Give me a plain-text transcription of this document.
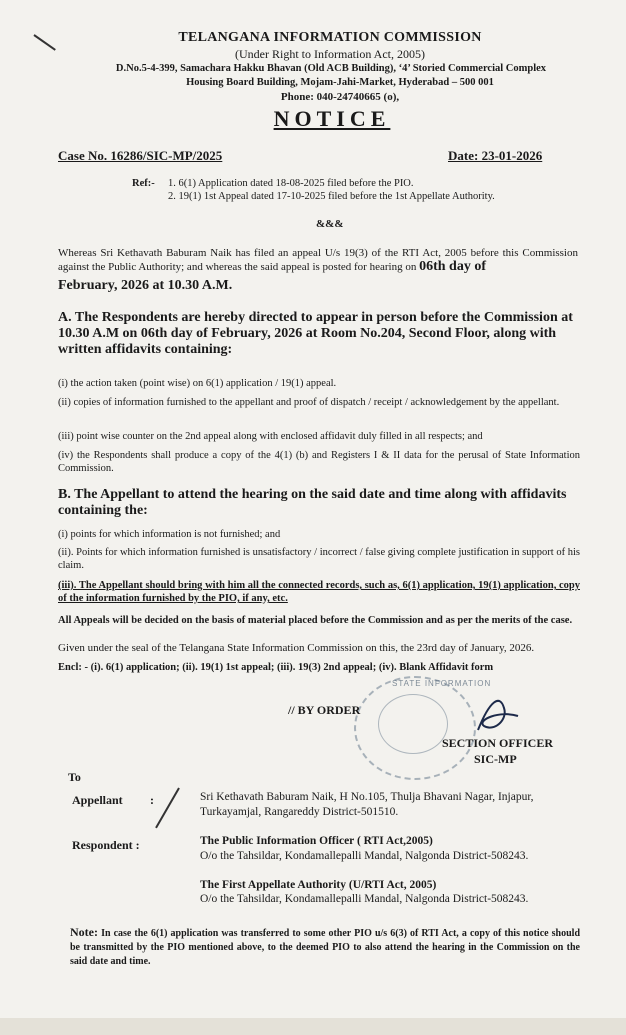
TELANGANA INFORMATION COMMISSION
(Under Right to Information Act, 2005)
D.No.5-4-399, Samachara Hakku Bhavan (Old ACB Building), ‘4’ Storied Commercial Complex
Housing Board Building, Mojam-Jahi-Market, Hyderabad – 500 001
Phone: 040-24740665 (o),
NOTICE
Case No. 16286/SIC-MP/2025	Date: 23-01-2026
Ref:- 1. 6(1) Application dated 18-08-2025 filed before the PIO.
2. 19(1) 1st Appeal dated 17-10-2025 filed before the 1st Appellate Authority.
&&&
Whereas Sri Kethavath Baburam Naik has filed an appeal U/s 19(3) of the RTI Act, 2005 before this Commission against the Public Authority; and whereas the said appeal is posted for hearing on 06th day of
February, 2026 at 10.30 A.M.
A. The Respondents are hereby directed to appear in person before the Commission at 10.30 A.M on 06th day of February, 2026 at Room No.204, Second Floor, along with written affidavits containing:
(i) the action taken (point wise) on 6(1) application / 19(1) appeal.
(ii) copies of information furnished to the appellant and proof of dispatch / receipt / acknowledgement by the appellant.
(iii) point wise counter on the 2nd appeal along with enclosed affidavit duly filled in all respects; and
(iv) the Respondents shall produce a copy of the 4(1) (b) and Registers I & II data for the perusal of State Information Commission.
B. The Appellant to attend the hearing on the said date and time along with affidavits containing the:
(i) points for which information is not furnished; and
(ii). Points for which information furnished is unsatisfactory / incorrect / false giving complete justification in support of his claim.
(iii). The Appellant should bring with him all the connected records, such as, 6(1) application, 19(1) application, copy of the information furnished by the PIO, if any, etc.
All Appeals will be decided on the basis of material placed before the Commission and as per the merits of the case.
Given under the seal of the Telangana State Information Commission on this, the 23rd day of January, 2026.
Encl: - (i). 6(1) application; (ii). 19(1) 1st appeal; (iii). 19(3) 2nd appeal; (iv). Blank Affidavit form
STATE INFORMATION
// BY ORDER
SECTION OFFICER
SIC-MP
To
Appellant :	Sri Kethavath Baburam Naik, H No.105, Thulja Bhavani Nagar, Injapur,
Turkayamjal, Rangareddy District-501510.
Respondent :	The Public Information Officer ( RTI Act,2005)
O/o the Tahsildar, Kondamallepalli Mandal, Nalgonda District-508243.
The First Appellate Authority (U/RTI Act, 2005)
O/o the Tahsildar, Kondamallepalli Mandal, Nalgonda District-508243.
Note: In case the 6(1) application was transferred to some other PIO u/s 6(3) of RTI Act, a copy of this notice should be transmitted by the PIO mentioned above, to the deemed PIO to also attend the hearing in the Commission on the said date and time.
